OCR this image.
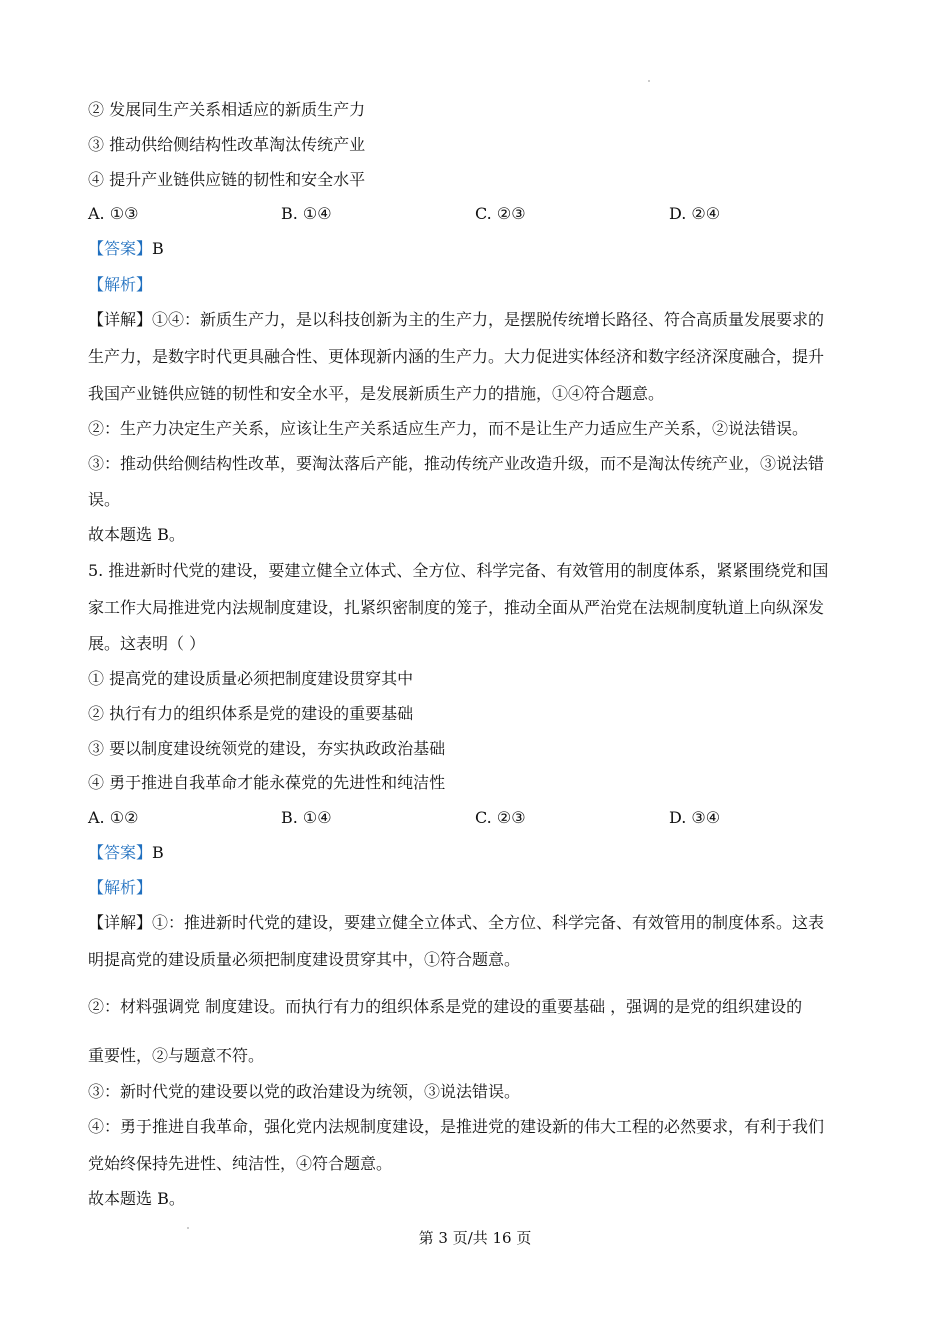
② 发展同生产关系相适应的新质生产力
③ 推动供给侧结构性改革淘汰传统产业
④ 提升产业链供应链的韧性和安全水平
A. ①③	B. ①④	C. ②③	D. ②④
【答案】B
【解析】
【详解】①④：新质生产力，是以科技创新为主的生产力，是摆脱传统增长路径、符合高质量发展要求的
生产力，是数字时代更具融合性、更体现新内涵的生产力。大力促进实体经济和数字经济深度融合，提升
我国产业链供应链的韧性和安全水平，是发展新质生产力的措施，①④符合题意。
②：生产力决定生产关系，应该让生产关系适应生产力，而不是让生产力适应生产关系，②说法错误。
③：推动供给侧结构性改革，要淘汰落后产能，推动传统产业改造升级，而不是淘汰传统产业，③说法错
误。
故本题选 B。
5. 推进新时代党的建设，要建立健全立体式、全方位、科学完备、有效管用的制度体系，紧紧围绕党和国
家工作大局推进党内法规制度建设，扎紧织密制度的笼子，推动全面从严治党在法规制度轨道上向纵深发
展。这表明（ ）
① 提高党的建设质量必须把制度建设贯穿其中
② 执行有力的组织体系是党的建设的重要基础
③ 要以制度建设统领党的建设，夯实执政政治基础
④ 勇于推进自我革命才能永葆党的先进性和纯洁性
A. ①②	B. ①④	C. ②③	D. ③④
【答案】B
【解析】
【详解】①：推进新时代党的建设，要建立健全立体式、全方位、科学完备、有效管用的制度体系。这表
明提高党的建设质量必须把制度建设贯穿其中，①符合题意。
②：材料强调党 制度建设。而执行有力的组织体系是党的建设的重要基础 ，强调的是党的组织建设的
重要性，②与题意不符。
③：新时代党的建设要以党的政治建设为统领，③说法错误。
④：勇于推进自我革命，强化党内法规制度建设，是推进党的建设新的伟大工程的必然要求，有利于我们
党始终保持先进性、纯洁性，④符合题意。
故本题选 B。
第 3 页/共 16 页
